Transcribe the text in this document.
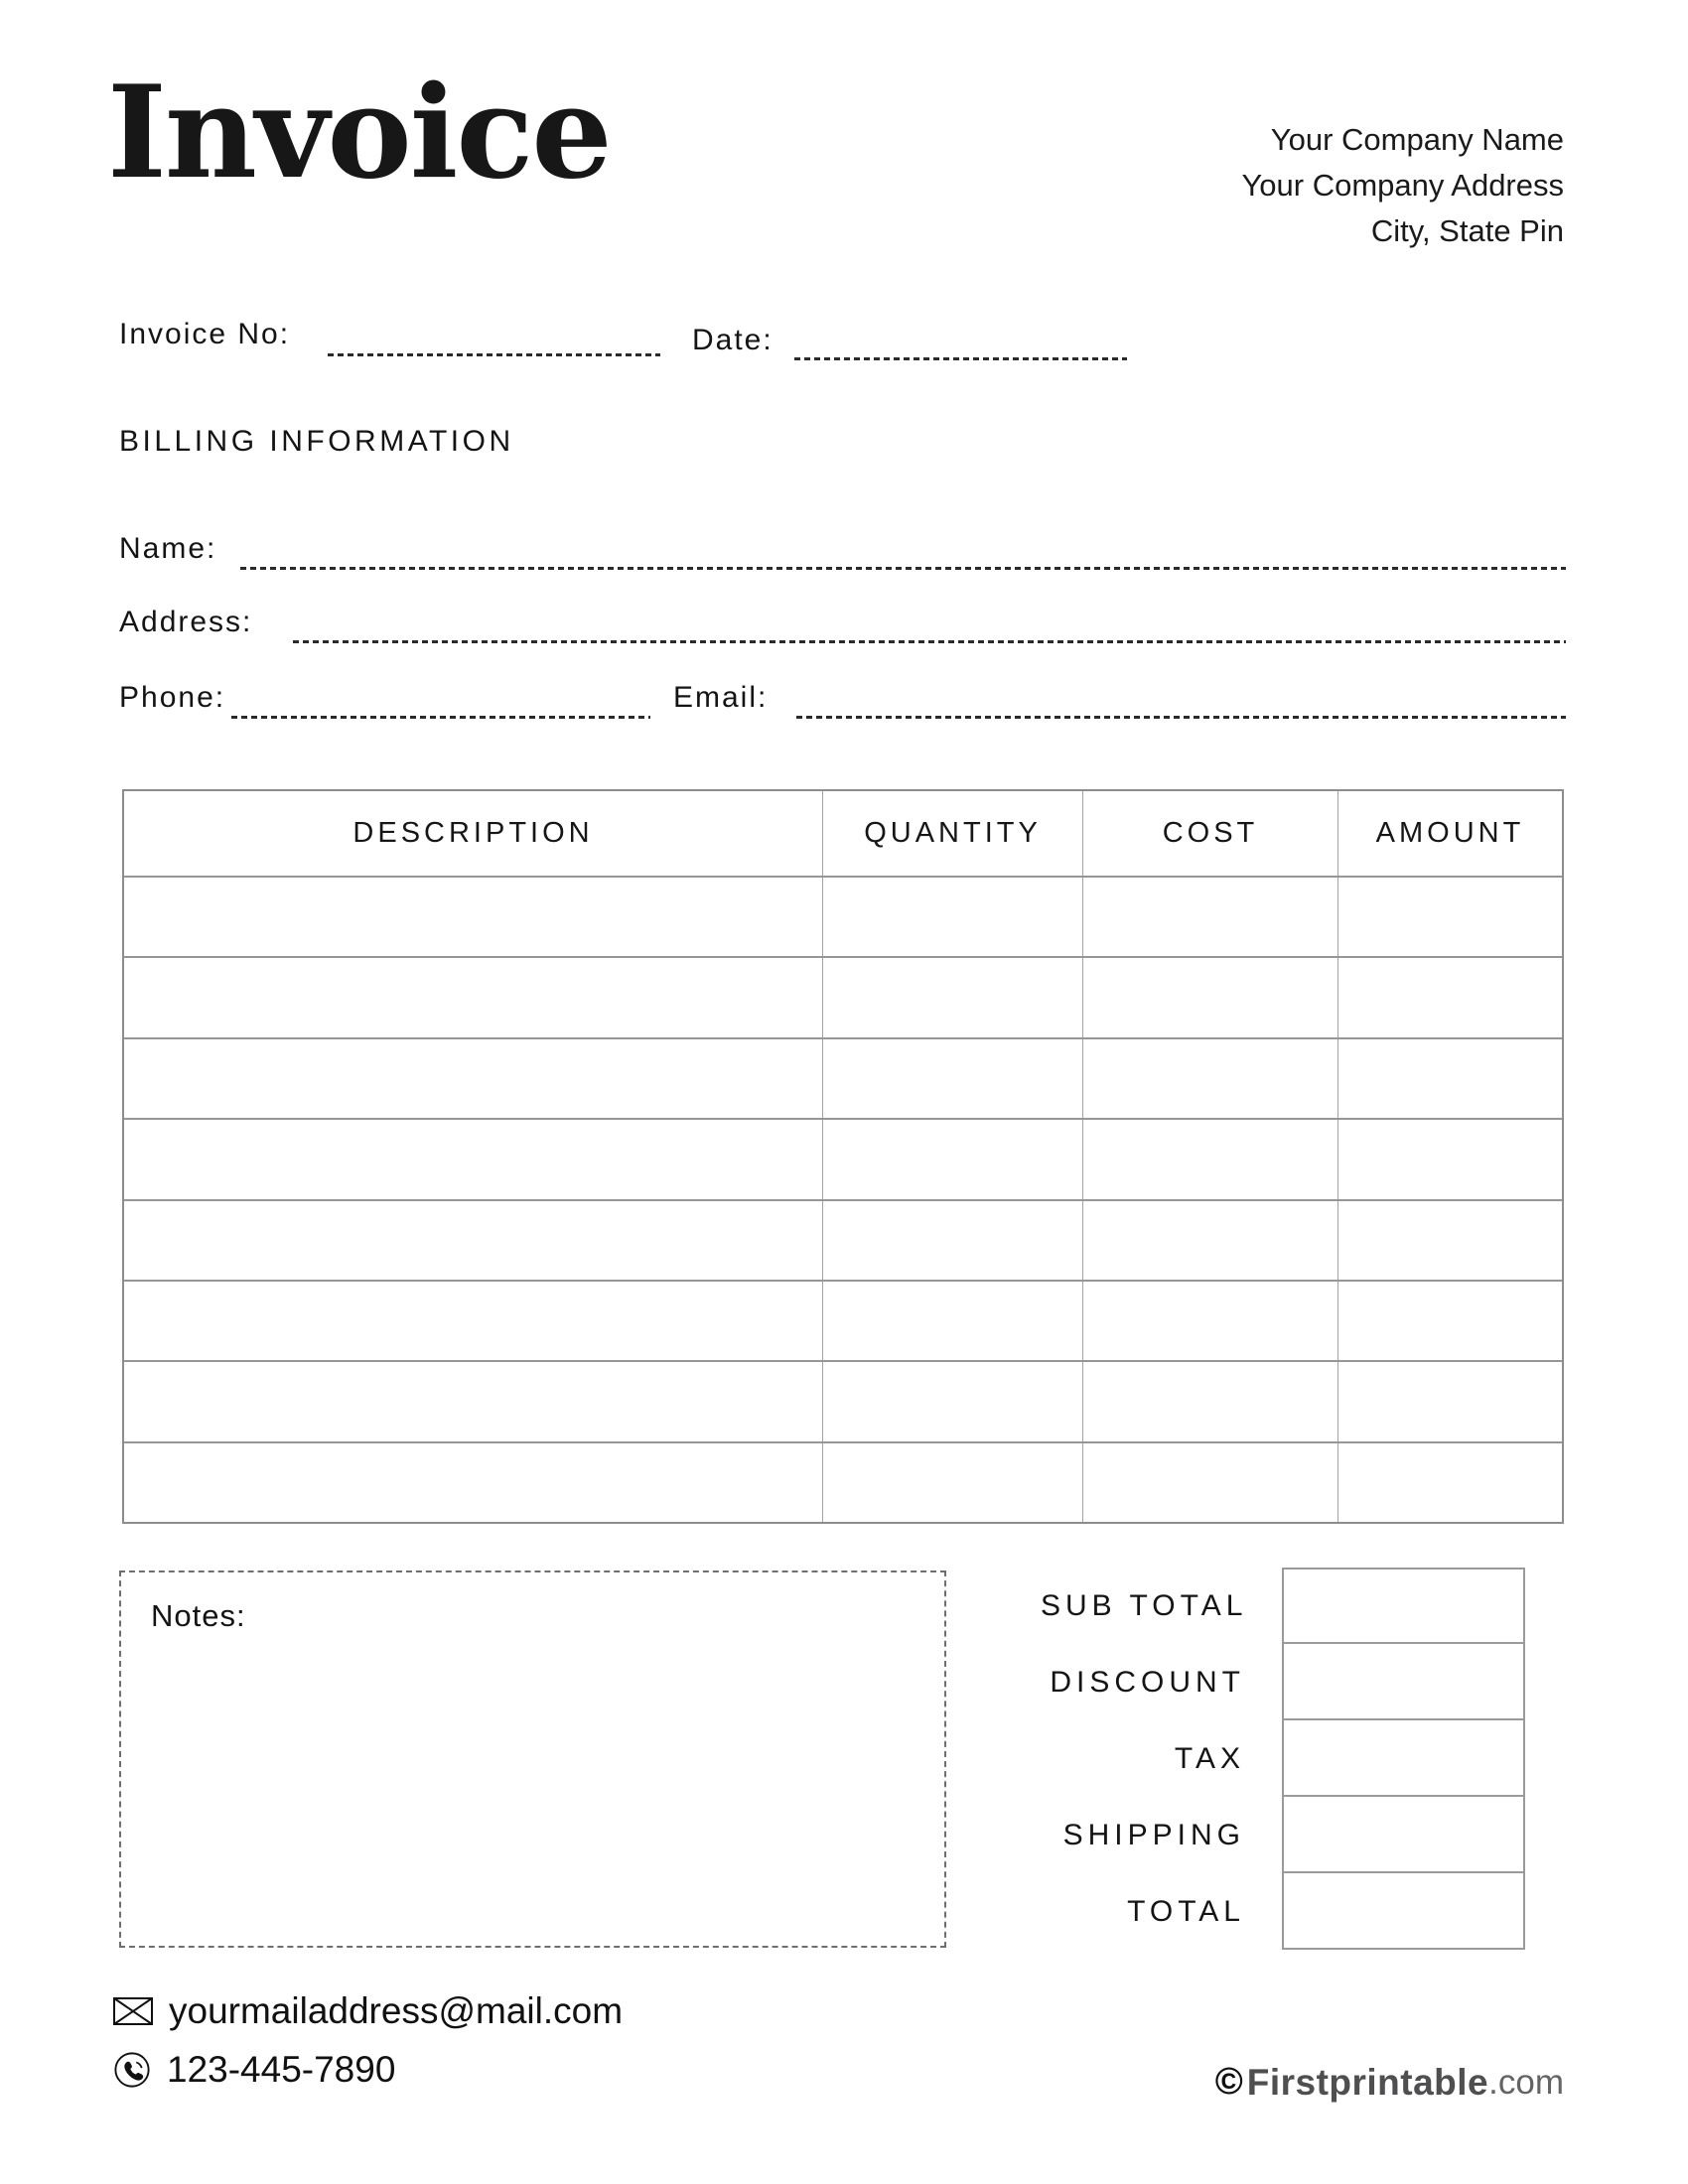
Invoice	Your Company Name
Your Company Address
City, State Pin
Invoice No:	Date:
BILLING INFORMATION
Name:
Address:
Phone:	Email:
DESCRIPTION	QUANTITY	COST	AMOUNT
Notes:	SUB TOTAL
DISCOUNT
TAX
SHIPPING
TOTAL
yourmailaddress@mail.com
123-445-7890	© Firstprintable .com
